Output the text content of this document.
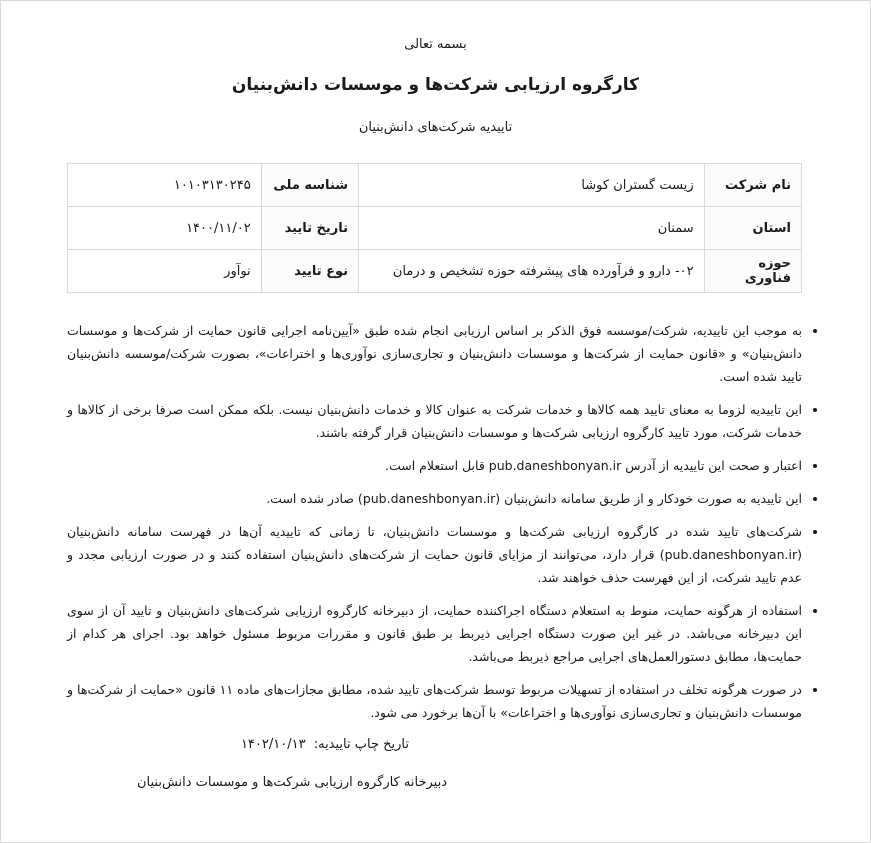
بسمه تعالی
کارگروه ارزیابی شرکت‌ها و موسسات دانش‌بنیان
تاییدیه شرکت‌های دانش‌بنیان
نام شرکت	زیست گستران کوشا	شناسه ملی	۱۰۱۰۳۱۳۰۲۴۵
استان	سمنان	تاریخ تایید	۱۴۰۰/۱۱/۰۲
حوزه فناوری	۰۲- دارو و فرآورده های پیشرفته حوزه تشخیص و درمان	نوع تایید	نوآور
• به موجب این تاییدیه، شرکت/موسسه فوق الذکر بر اساس ارزیابی انجام شده طبق «آیین‌نامه اجرایی قانون حمایت از شرکت‌ها و موسسات دانش‌بنیان» و «قانون حمایت از شرکت‌ها و موسسات دانش‌بنیان و تجاری‌سازی نوآوری‌ها و اختراعات»، بصورت شرکت/موسسه دانش‌بنیان تایید شده است.
• این تاییدیه لزوما به معنای تایید همه کالاها و خدمات شرکت به عنوان کالا و خدمات دانش‌بنیان نیست. بلکه ممکن است صرفا برخی از کالاها و خدمات شرکت، مورد تایید کارگروه ارزیابی شرکت‌ها و موسسات دانش‌بنیان قرار گرفته باشند.
• اعتبار و صحت این تاییدیه از آدرس pub.daneshbonyan.ir قابل استعلام است.
• این تاییدیه به صورت خودکار و از طریق سامانه دانش‌بنیان (pub.daneshbonyan.ir) صادر شده است.
• شرکت‌های تایید شده در کارگروه ارزیابی شرکت‌ها و موسسات دانش‌بنیان، تا زمانی که تاییدیه آن‌ها در فهرست سامانه دانش‌بنیان (pub.daneshbonyan.ir) قرار دارد، می‌توانند از مزایای قانون حمایت از شرکت‌های دانش‌بنیان استفاده کنند و در صورت ارزیابی مجدد و عدم تایید شرکت، از این فهرست حذف خواهند شد.
• استفاده از هرگونه حمایت، منوط به استعلام دستگاه اجراکننده حمایت، از دبیرخانه کارگروه ارزیابی شرکت‌های دانش‌بنیان و تایید آن از سوی این دبیرخانه می‌باشد. در غیر این صورت دستگاه اجرایی ذیربط بر طبق قانون و مقررات مربوط مسئول خواهد بود. اجرای هر کدام از حمایت‌ها، مطابق دستورالعمل‌های اجرایی مراجع ذیربط می‌باشد.
• در صورت هرگونه تخلف در استفاده از تسهیلات مربوط توسط شرکت‌های تایید شده، مطابق مجازات‌های ماده ۱۱ قانون «حمایت از شرکت‌ها و موسسات دانش‌بنیان و تجاری‌سازی نوآوری‌ها و اختراعات» با آن‌ها برخورد می شود.
تاریخ چاپ تاییدیه: ۱۴۰۲/۱۰/۱۳
دبیرخانه کارگروه ارزیابی شرکت‌ها و موسسات دانش‌بنیان
